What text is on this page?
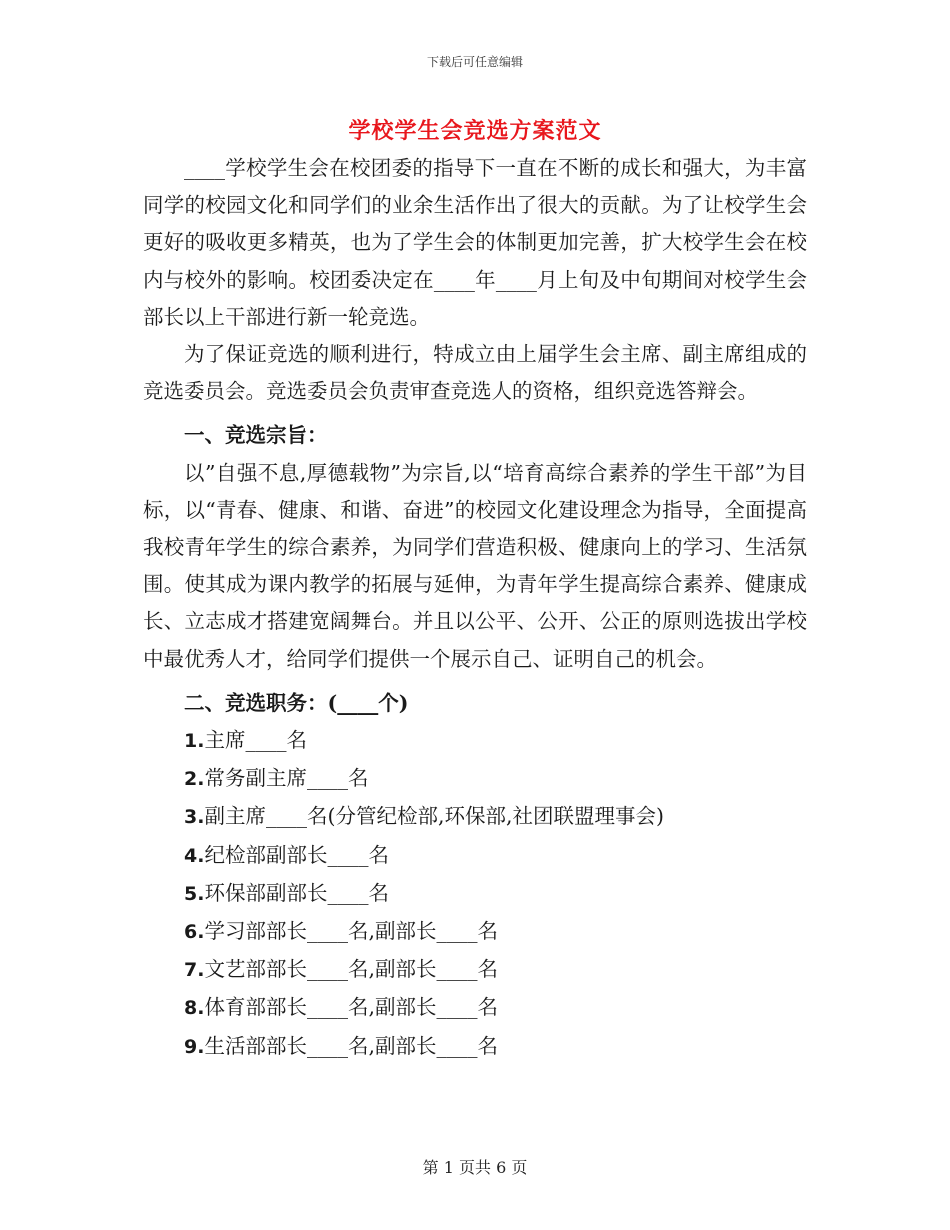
下载后可任意编辑
学校学生会竞选方案范文

____学校学生会在校团委的指导下一直在不断的成长和强大，为丰富同学的校园文化和同学们的业余生活作出了很大的贡献。为了让校学生会更好的吸收更多精英，也为了学生会的体制更加完善，扩大校学生会在校内与校外的影响。校团委决定在____年____月上旬及中旬期间对校学生会部长以上干部进行新一轮竞选。

为了保证竞选的顺利进行，特成立由上届学生会主席、副主席组成的竞选委员会。竞选委员会负责审查竞选人的资格，组织竞选答辩会。

一、竞选宗旨：

以”自强不息,厚德载物”为宗旨,以“培育高综合素养的学生干部”为目标，以“青春、健康、和谐、奋进”的校园文化建设理念为指导，全面提高我校青年学生的综合素养，为同学们营造积极、健康向上的学习、生活氛围。使其成为课内教学的拓展与延伸，为青年学生提高综合素养、健康成长、立志成才搭建宽阔舞台。并且以公平、公开、公正的原则选拔出学校中最优秀人才，给同学们提供一个展示自己、证明自己的机会。

二、竞选职务：(____个)

1.主席____名

2.常务副主席____名

3.副主席____名(分管纪检部,环保部,社团联盟理事会)

4.纪检部副部长____名

5.环保部副部长____名

6.学习部部长____名,副部长____名

7.文艺部部长____名,副部长____名

8.体育部部长____名,副部长____名

9.生活部部长____名,副部长____名

第 1 页共 6 页
